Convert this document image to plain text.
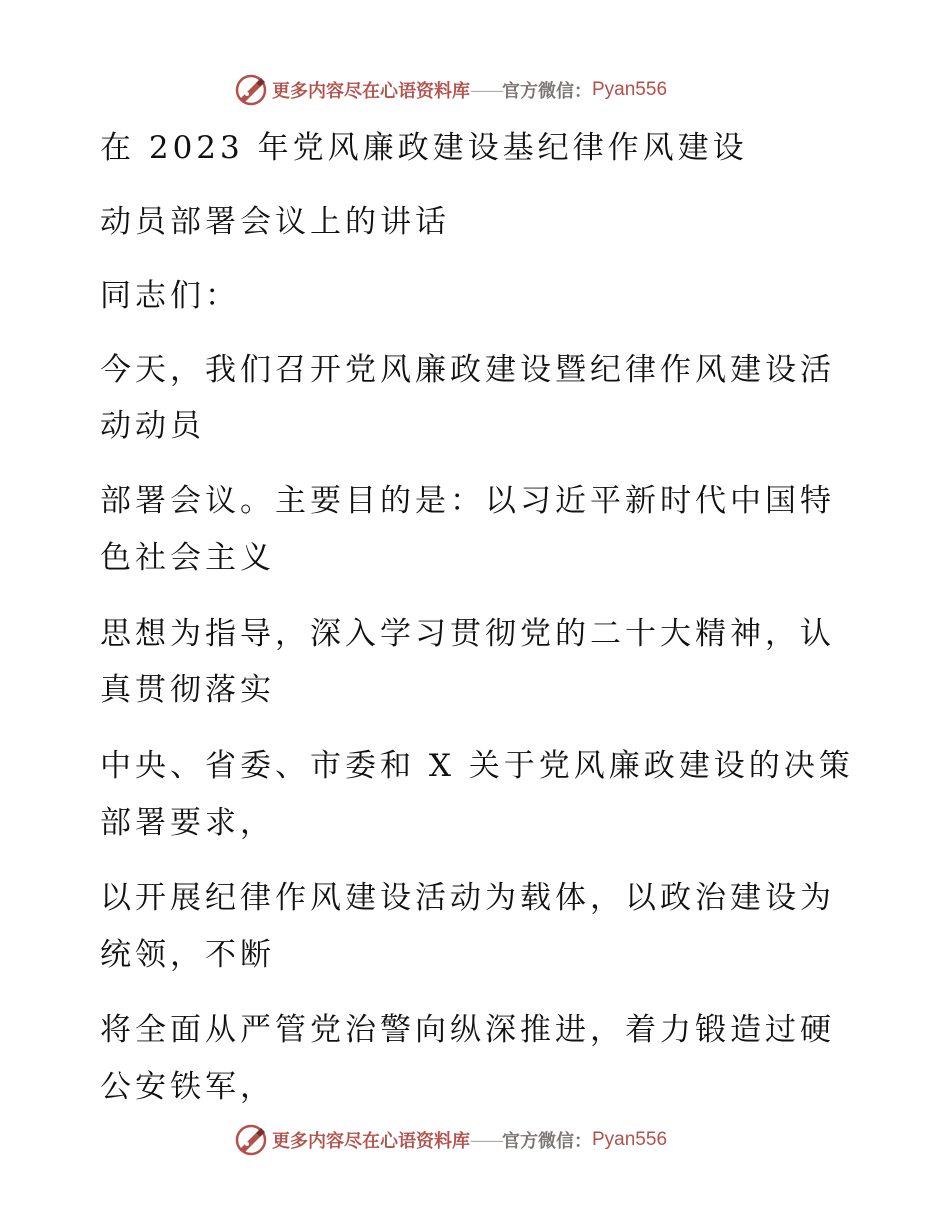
更多内容尽在心语资料库 —— 官方微信： Pyan556
在 2023 年党风廉政建设基纪律作风建设
动员部署会议上的讲话
同志们：
今天，我们召开党风廉政建设暨纪律作风建设活
动动员
部署会议。主要目的是：以习近平新时代中国特
色社会主义
思想为指导，深入学习贯彻党的二十大精神，认
真贯彻落实
中央、省委、市委和 X 关于党风廉政建设的决策
部署要求，
以开展纪律作风建设活动为载体，以政治建设为
统领，不断
将全面从严管党治警向纵深推进，着力锻造过硬
公安铁军，
更多内容尽在心语资料库 —— 官方微信： Pyan556
